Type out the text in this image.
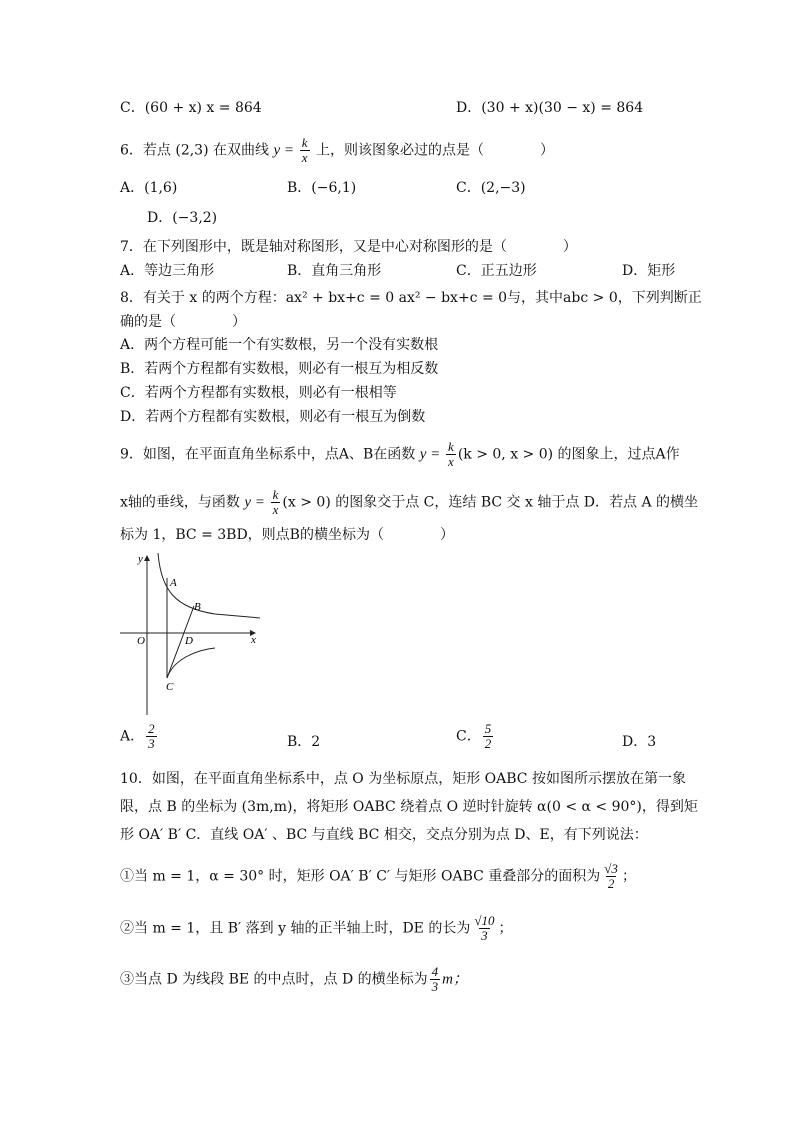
C．(60 + x) x = 864	D．(30 + x)(30 − x) = 864
6．若点 (2,3) 在双曲线 $y = \frac{k}{x}$ 上，则该图象必过的点是（　　　　）
A．(1,6)	B．(−6,1)	C．(2,−3)
D．(−3,2)
7．在下列图形中，既是轴对称图形，又是中心对称图形的是（　　　　）
A．等边三角形	B．直角三角形	C．正五边形	D．矩形
8．有关于 x 的两个方程：ax² + bx+c = 0 ax² − bx+c = 0与，其中abc > 0，下列判断正
确的是（　　　　）
A．两个方程可能一个有实数根，另一个没有实数根
B．若两个方程都有实数根，则必有一根互为相反数
C．若两个方程都有实数根，则必有一根相等
D．若两个方程都有实数根，则必有一根互为倒数
9．如图，在平面直角坐标系中，点A、B在函数 $y = \frac{k}{x} (k > 0$, x > 0) 的图象上，过点A作
x轴的垂线，与函数 $y = \frac{k}{x} (x > 0)$ 的图象交于点 C，连结 BC 交 x 轴于点 D．若点 A 的横坐
标为 1，BC = 3BD，则点B的横坐标为（　　　　）
y
x
O
A
B
D
C
A． $\frac{2}{3}$	B．2	C． $\frac{5}{2}$	D．3
10．如图，在平面直角坐标系中，点 O 为坐标原点，矩形 OABC 按如图所示摆放在第一象
限，点 B 的坐标为 (3m,m)，将矩形 OABC 绕着点 O 逆时针旋转 α(0 < α < 90°)，得到矩
形 OA′ B′ C．直线 OA′ 、BC 与直线 BC 相交，交点分别为点 D、E，有下列说法：
①当 m = 1，α = 30° 时，矩形 OA′ B′ C′ 与矩形 OABC 重叠部分的面积为 $\frac{√3}{2}$ ；
②当 m = 1，且 B′ 落到 y 轴的正半轴上时，DE 的长为 $\frac{√10}{3}$ ；
③当点 D 为线段 BE 的中点时，点 D 的横坐标为 $\frac{4}{3}$ m；
